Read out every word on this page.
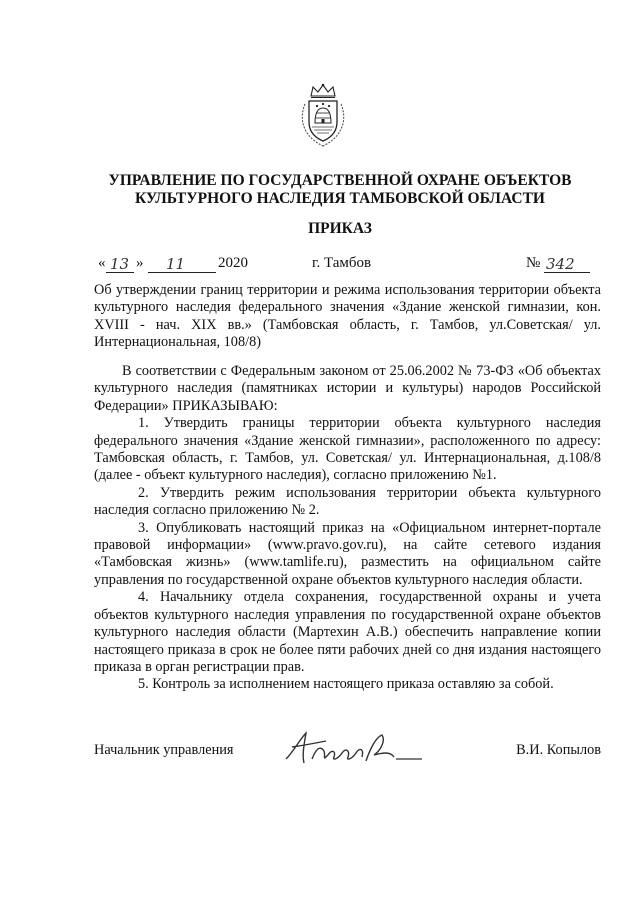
УПРАВЛЕНИЕ ПО ГОСУДАРСТВЕННОЙ ОХРАНЕ ОБЪЕКТОВ
КУЛЬТУРНОГО НАСЛЕДИЯ ТАМБОВСКОЙ ОБЛАСТИ
ПРИКАЗ
«
13 »
11 2020	г. Тамбов	№
342
Об утверждении границ территории и режима использования территории объекта культурного наследия федерального значения «Здание женской гимназии, кон. XVIII - нач. XIX вв.» (Тамбовская область, г. Тамбов, ул.Советская/ ул. Интернациональная, 108/8)

В соответствии с Федеральным законом от 25.06.2002 № 73-ФЗ «Об объектах культурного наследия (памятниках истории и культуры) народов Российской Федерации» ПРИКАЗЫВАЮ:

1. Утвердить границы территории объекта культурного наследия федерального значения «Здание женской гимназии», расположенного по адресу: Тамбовская область, г. Тамбов, ул. Советская/ ул. Интернациональная, д.108/8 (далее - объект культурного наследия), согласно приложению №1.

2. Утвердить режим использования территории объекта культурного наследия согласно приложению № 2.

3. Опубликовать настоящий приказ на «Официальном интернет-портале правовой информации» (www.pravo.gov.ru), на сайте сетевого издания «Тамбовская жизнь» (www.tamlife.ru), разместить на официальном сайте управления по государственной охране объектов культурного наследия области.

4. Начальнику отдела сохранения, государственной охраны и учета объектов культурного наследия управления по государственной охране объектов культурного наследия области (Мартехин А.В.) обеспечить направление копии настоящего приказа в срок не более пяти рабочих дней со дня издания настоящего приказа в орган регистрации прав.

5. Контроль за исполнением настоящего приказа оставляю за собой.

Начальник управления	В.И. Копылов
